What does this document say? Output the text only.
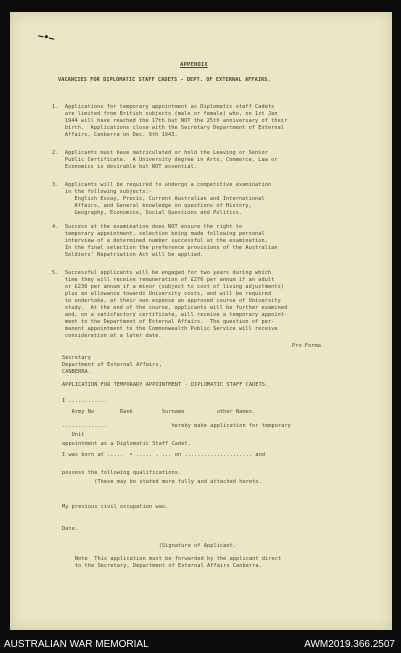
—•—
APPENDIX
VACANCIES FOR DIPLOMATIC STAFF CADETS - DEPT. OF EXTERNAL AFFAIRS.
1.  Applications for temporary appointment as Diplomatic staff Cadets
are limited from British subjects (male or female) who, on 1st Jan
1944 will have reached the 17th but NOT the 25th anniversary of their
birth.  Applications close with the Secretary Department of External
Affairs, Canberra on Dec. 9th 1943.
2.  Applicants must have matriculated or hold the Leaving or Senior
Public Certificate.  A University degree in Arts, Commerce, Law or
Economics is desirable but NOT essential.
3.  Applicants will be required to undergo a competitive examination
in the following subjects:-
English Essay, Precis, Current Australian and International
Affairs, and General knowledge on questions of History,
Geography, Economics, Social Questions and Politics.
4.  Success at the examination does NOT ensure the right to
temporary appointment, selection being made following personal
interview of a determined number successful at the examination.
In the final selection the preference provisions of the Australian
Soldiers' Repatriation Act will be applied.
5.  Successful applicants will be engaged for two years during which
time they will receive remuneration of £276 per annum if an adult
or £236 per annum if a minor (subject to cost of living adjustments)
plus an allowance towards University costs, and will be required
to undertake, at their own expense an approved course of University
study.  At the end of the course, applicants will be further examined
and, on a satisfactory certificate, will receive a temporary appoint-
ment to the Department of External Affairs.  The question of per-
manent appointment to the Commonwealth Public Service will receive
consideration at a later date.
Pro Forma
Secretary
Department of External Affairs,
CANBERRA.
APPLICATION FOR TEMPORARY APPOINTMENT - DIPLOMATIC STAFF CADETS.
I ............
Army No        Rank         Surname          other Names.
..............                    hereby make application for temporary
Unit
appointment as a Diplomatic Staff Cadet.
I was born at .....  • ..... . ... on ..................... and
possess the following qualifications.
(These may be stated more fully and attached hereto.
My previous civil occupation was.
Date.
(Signature of Applicant.
Note  This application must be forwarded by the applicant direct
to the Secretary, Department of External Affairs Canberra.
AUSTRALIAN WAR MEMORIAL	AWM2019.366.2507
